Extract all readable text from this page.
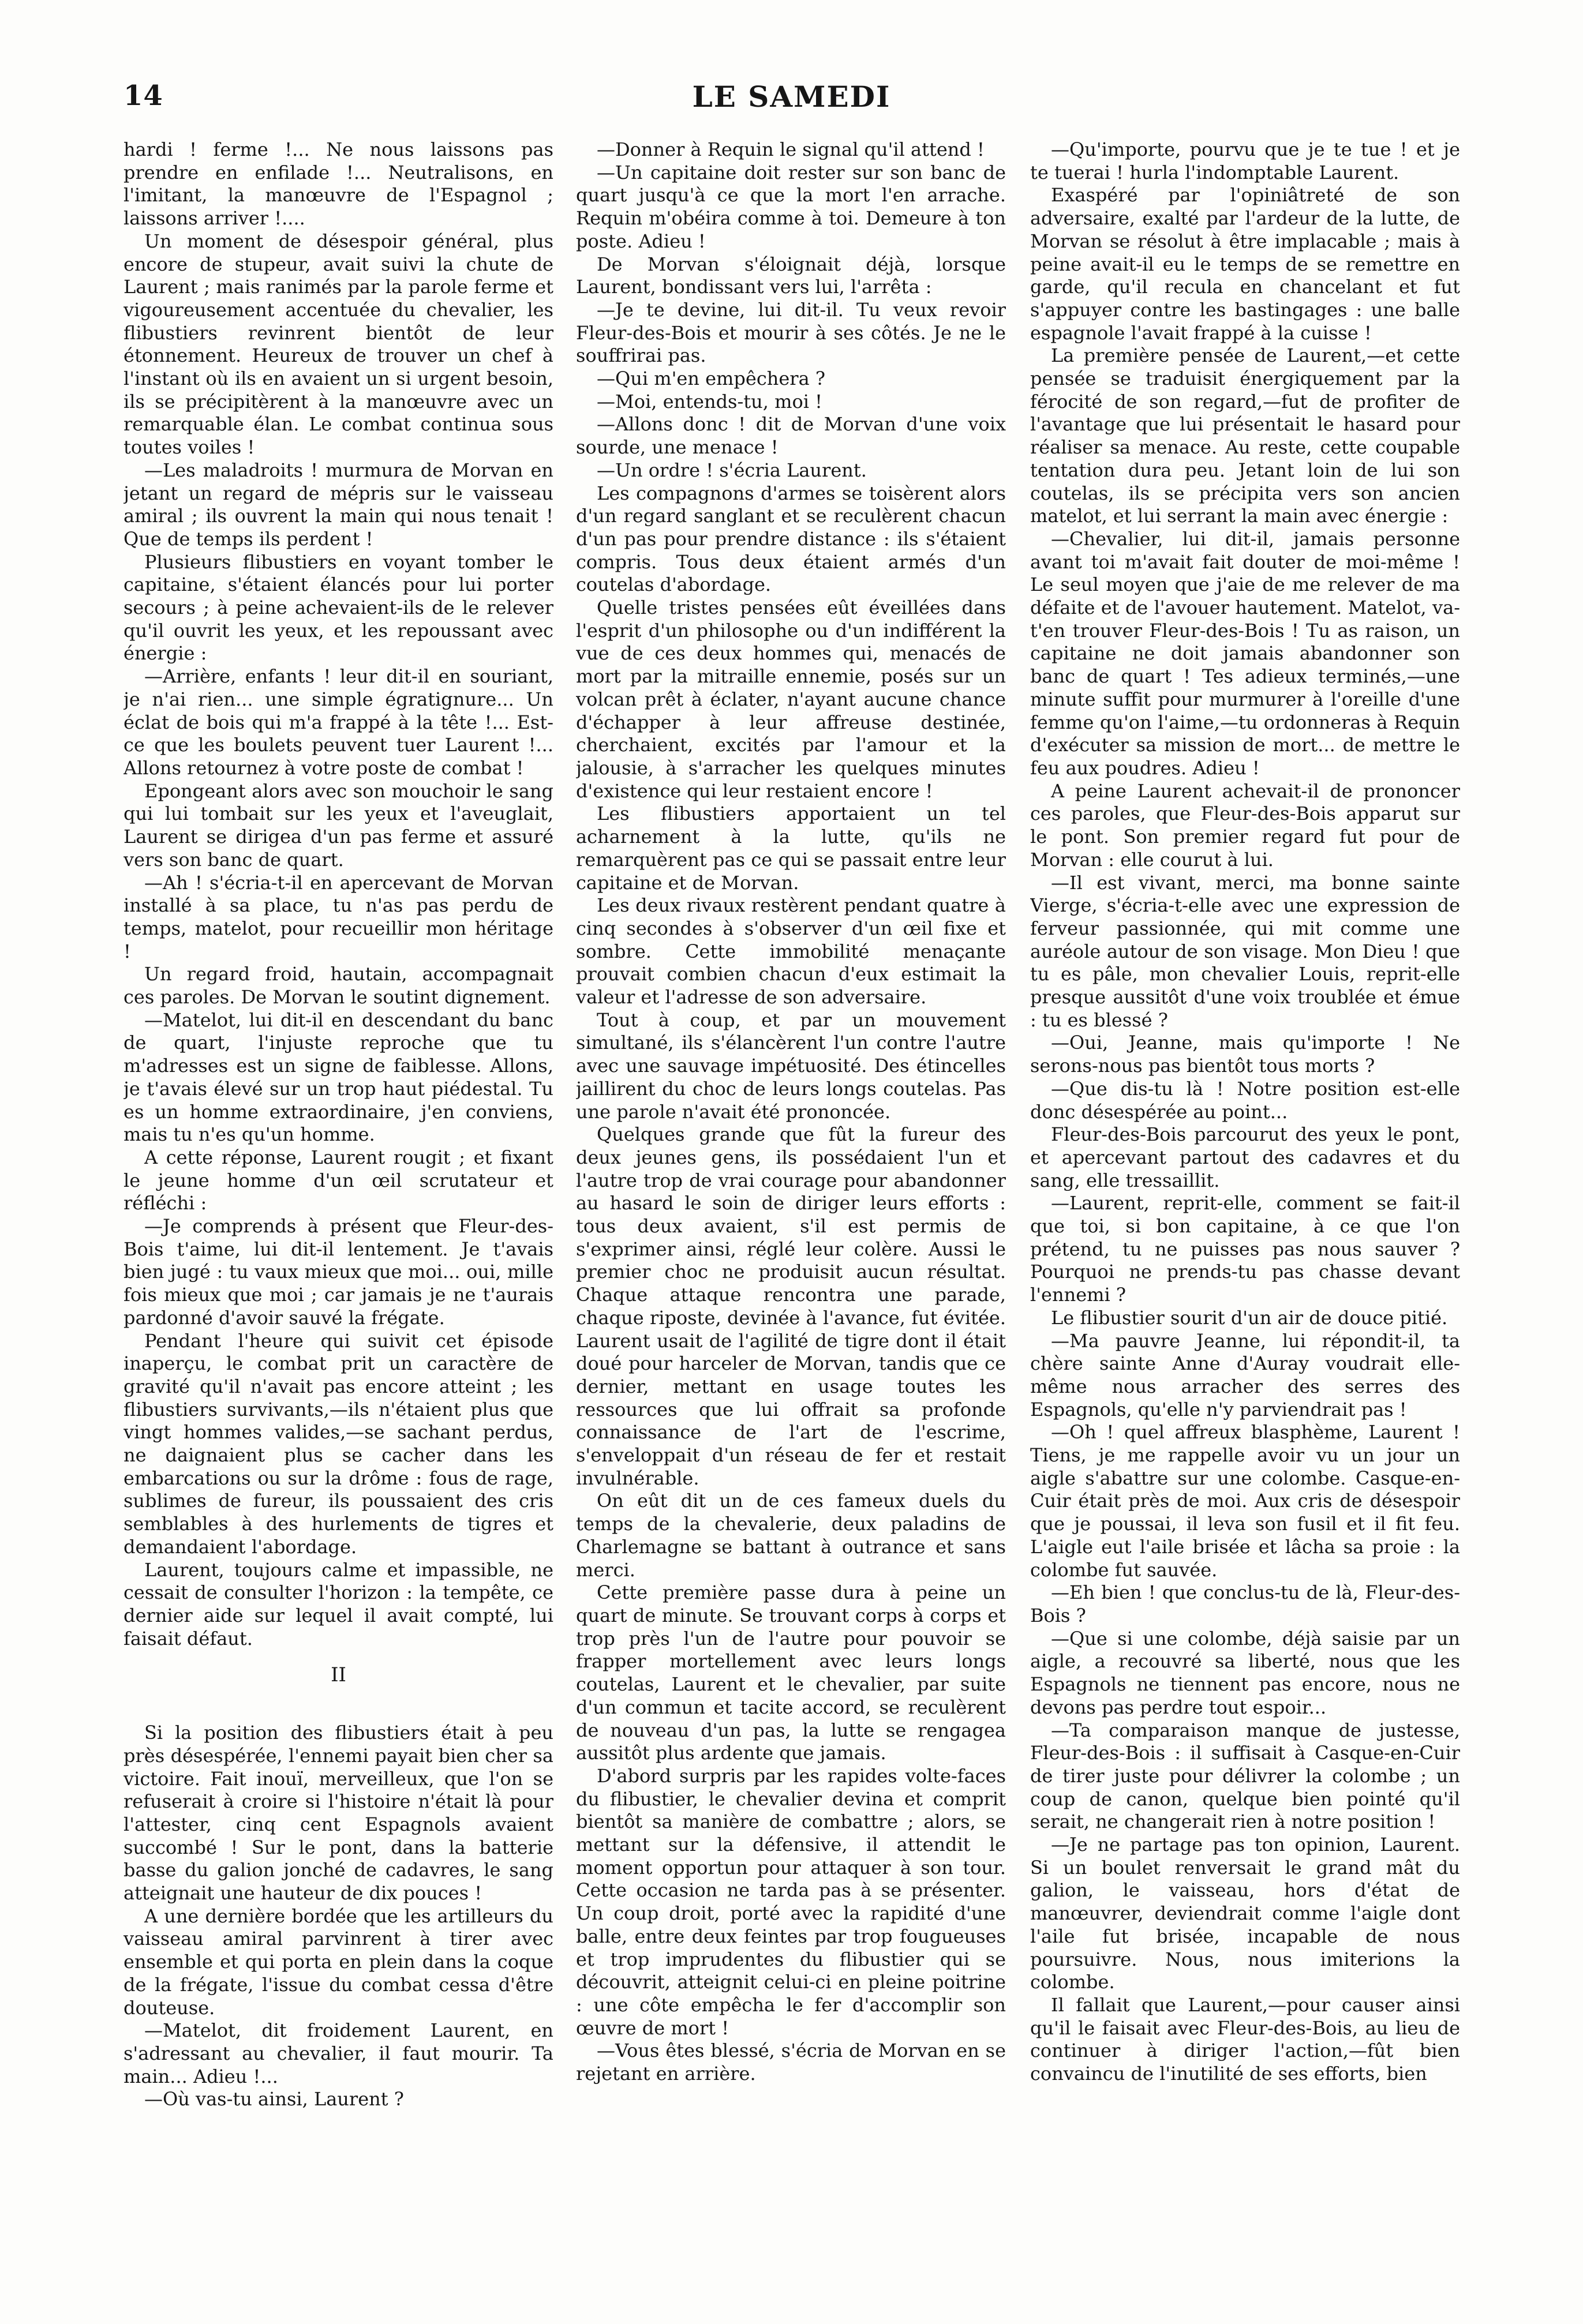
14	LE SAMEDI

hardi ! ferme !... Ne nous laissons pas prendre en enfilade !... Neutralisons, en l'imitant, la manœuvre de l'Espagnol ; laissons arriver !....

Un moment de désespoir général, plus encore de stupeur, avait suivi la chute de Laurent ; mais ranimés par la parole ferme et vigoureusement accentuée du chevalier, les flibustiers revinrent bientôt de leur étonnement. Heureux de trouver un chef à l'instant où ils en avaient un si urgent besoin, ils se précipitèrent à la manœuvre avec un remarquable élan. Le combat continua sous toutes voiles !

—Les maladroits ! murmura de Morvan en jetant un regard de mépris sur le vaisseau amiral ; ils ouvrent la main qui nous tenait ! Que de temps ils perdent !

Plusieurs flibustiers en voyant tomber le capitaine, s'étaient élancés pour lui porter secours ; à peine achevaient-ils de le relever qu'il ouvrit les yeux, et les repoussant avec énergie :

—Arrière, enfants ! leur dit-il en souriant, je n'ai rien... une simple égratignure... Un éclat de bois qui m'a frappé à la tête !... Est-ce que les boulets peuvent tuer Laurent !... Allons retournez à votre poste de combat !

Epongeant alors avec son mouchoir le sang qui lui tombait sur les yeux et l'aveuglait, Laurent se dirigea d'un pas ferme et assuré vers son banc de quart.

—Ah ! s'écria-t-il en apercevant de Morvan installé à sa place, tu n'as pas perdu de temps, matelot, pour recueillir mon héritage !

Un regard froid, hautain, accompagnait ces paroles. De Morvan le soutint dignement.

—Matelot, lui dit-il en descendant du banc de quart, l'injuste reproche que tu m'adresses est un signe de faiblesse. Allons, je t'avais élevé sur un trop haut piédestal. Tu es un homme extraordinaire, j'en conviens, mais tu n'es qu'un homme.

A cette réponse, Laurent rougit ; et fixant le jeune homme d'un œil scrutateur et réfléchi :

—Je comprends à présent que Fleur-des-Bois t'aime, lui dit-il lentement. Je t'avais bien jugé : tu vaux mieux que moi... oui, mille fois mieux que moi ; car jamais je ne t'aurais pardonné d'avoir sauvé la frégate.

Pendant l'heure qui suivit cet épisode inaperçu, le combat prit un caractère de gravité qu'il n'avait pas encore atteint ; les flibustiers survivants,—ils n'étaient plus que vingt hommes valides,—se sachant perdus, ne daignaient plus se cacher dans les embarcations ou sur la drôme : fous de rage, sublimes de fureur, ils poussaient des cris semblables à des hurlements de tigres et demandaient l'abordage.

Laurent, toujours calme et impassible, ne cessait de consulter l'horizon : la tempête, ce dernier aide sur lequel il avait compté, lui faisait défaut.

II

Si la position des flibustiers était à peu près désespérée, l'ennemi payait bien cher sa victoire. Fait inouï, merveilleux, que l'on se refuserait à croire si l'histoire n'était là pour l'attester, cinq cent Espagnols avaient succombé ! Sur le pont, dans la batterie basse du galion jonché de cadavres, le sang atteignait une hauteur de dix pouces !

A une dernière bordée que les artilleurs du vaisseau amiral parvinrent à tirer avec ensemble et qui porta en plein dans la coque de la frégate, l'issue du combat cessa d'être douteuse.

—Matelot, dit froidement Laurent, en s'adressant au chevalier, il faut mourir. Ta main... Adieu !...

—Où vas-tu ainsi, Laurent ?

—Donner à Requin le signal qu'il attend !

—Un capitaine doit rester sur son banc de quart jusqu'à ce que la mort l'en arrache. Requin m'obéira comme à toi. Demeure à ton poste. Adieu !

De Morvan s'éloignait déjà, lorsque Laurent, bondissant vers lui, l'arrêta :

—Je te devine, lui dit-il. Tu veux revoir Fleur-des-Bois et mourir à ses côtés. Je ne le souffrirai pas.

—Qui m'en empêchera ?

—Moi, entends-tu, moi !

—Allons donc ! dit de Morvan d'une voix sourde, une menace !

—Un ordre ! s'écria Laurent.

Les compagnons d'armes se toisèrent alors d'un regard sanglant et se reculèrent chacun d'un pas pour prendre distance : ils s'étaient compris. Tous deux étaient armés d'un coutelas d'abordage.

Quelle tristes pensées eût éveillées dans l'esprit d'un philosophe ou d'un indifférent la vue de ces deux hommes qui, menacés de mort par la mitraille ennemie, posés sur un volcan prêt à éclater, n'ayant aucune chance d'échapper à leur affreuse destinée, cherchaient, excités par l'amour et la jalousie, à s'arracher les quelques minutes d'existence qui leur restaient encore !

Les flibustiers apportaient un tel acharnement à la lutte, qu'ils ne remarquèrent pas ce qui se passait entre leur capitaine et de Morvan.

Les deux rivaux restèrent pendant quatre à cinq secondes à s'observer d'un œil fixe et sombre. Cette immobilité menaçante prouvait combien chacun d'eux estimait la valeur et l'adresse de son adversaire.

Tout à coup, et par un mouvement simultané, ils s'élancèrent l'un contre l'autre avec une sauvage impétuosité. Des étincelles jaillirent du choc de leurs longs coutelas. Pas une parole n'avait été prononcée.

Quelques grande que fût la fureur des deux jeunes gens, ils possédaient l'un et l'autre trop de vrai courage pour abandonner au hasard le soin de diriger leurs efforts : tous deux avaient, s'il est permis de s'exprimer ainsi, réglé leur colère. Aussi le premier choc ne produisit aucun résultat. Chaque attaque rencontra une parade, chaque riposte, devinée à l'avance, fut évitée. Laurent usait de l'agilité de tigre dont il était doué pour harceler de Morvan, tandis que ce dernier, mettant en usage toutes les ressources que lui offrait sa profonde connaissance de l'art de l'escrime, s'enveloppait d'un réseau de fer et restait invulnérable.

On eût dit un de ces fameux duels du temps de la chevalerie, deux paladins de Charlemagne se battant à outrance et sans merci.

Cette première passe dura à peine un quart de minute. Se trouvant corps à corps et trop près l'un de l'autre pour pouvoir se frapper mortellement avec leurs longs coutelas, Laurent et le chevalier, par suite d'un commun et tacite accord, se reculèrent de nouveau d'un pas, la lutte se rengagea aussitôt plus ardente que jamais.

D'abord surpris par les rapides volte-faces du flibustier, le chevalier devina et comprit bientôt sa manière de combattre ; alors, se mettant sur la défensive, il attendit le moment opportun pour attaquer à son tour. Cette occasion ne tarda pas à se présenter. Un coup droit, porté avec la rapidité d'une balle, entre deux feintes par trop fougueuses et trop imprudentes du flibustier qui se découvrit, atteignit celui-ci en pleine poitrine : une côte empêcha le fer d'accomplir son œuvre de mort !

—Vous êtes blessé, s'écria de Morvan en se rejetant en arrière.

—Qu'importe, pourvu que je te tue ! et je te tuerai ! hurla l'indomptable Laurent.

Exaspéré par l'opiniâtreté de son adversaire, exalté par l'ardeur de la lutte, de Morvan se résolut à être implacable ; mais à peine avait-il eu le temps de se remettre en garde, qu'il recula en chancelant et fut s'appuyer contre les bastingages : une balle espagnole l'avait frappé à la cuisse !

La première pensée de Laurent,—et cette pensée se traduisit énergiquement par la férocité de son regard,—fut de profiter de l'avantage que lui présentait le hasard pour réaliser sa menace. Au reste, cette coupable tentation dura peu. Jetant loin de lui son coutelas, ils se précipita vers son ancien matelot, et lui serrant la main avec énergie :

—Chevalier, lui dit-il, jamais personne avant toi m'avait fait douter de moi-même ! Le seul moyen que j'aie de me relever de ma défaite et de l'avouer hautement. Matelot, va-t'en trouver Fleur-des-Bois ! Tu as raison, un capitaine ne doit jamais abandonner son banc de quart ! Tes adieux terminés,—une minute suffit pour murmurer à l'oreille d'une femme qu'on l'aime,—tu ordonneras à Requin d'exécuter sa mission de mort... de mettre le feu aux poudres. Adieu !

A peine Laurent achevait-il de prononcer ces paroles, que Fleur-des-Bois apparut sur le pont. Son premier regard fut pour de Morvan : elle courut à lui.

—Il est vivant, merci, ma bonne sainte Vierge, s'écria-t-elle avec une expression de ferveur passionnée, qui mit comme une auréole autour de son visage. Mon Dieu ! que tu es pâle, mon chevalier Louis, reprit-elle presque aussitôt d'une voix troublée et émue : tu es blessé ?

—Oui, Jeanne, mais qu'importe ! Ne serons-nous pas bientôt tous morts ?

—Que dis-tu là ! Notre position est-elle donc désespérée au point...

Fleur-des-Bois parcourut des yeux le pont, et apercevant partout des cadavres et du sang, elle tressaillit.

—Laurent, reprit-elle, comment se fait-il que toi, si bon capitaine, à ce que l'on prétend, tu ne puisses pas nous sauver ? Pourquoi ne prends-tu pas chasse devant l'ennemi ?

Le flibustier sourit d'un air de douce pitié.

—Ma pauvre Jeanne, lui répondit-il, ta chère sainte Anne d'Auray voudrait elle-même nous arracher des serres des Espagnols, qu'elle n'y parviendrait pas !

—Oh ! quel affreux blasphème, Laurent ! Tiens, je me rappelle avoir vu un jour un aigle s'abattre sur une colombe. Casque-en-Cuir était près de moi. Aux cris de désespoir que je poussai, il leva son fusil et il fit feu. L'aigle eut l'aile brisée et lâcha sa proie : la colombe fut sauvée.

—Eh bien ! que conclus-tu de là, Fleur-des-Bois ?

—Que si une colombe, déjà saisie par un aigle, a recouvré sa liberté, nous que les Espagnols ne tiennent pas encore, nous ne devons pas perdre tout espoir...

—Ta comparaison manque de justesse, Fleur-des-Bois : il suffisait à Casque-en-Cuir de tirer juste pour délivrer la colombe ; un coup de canon, quelque bien pointé qu'il serait, ne changerait rien à notre position !

—Je ne partage pas ton opinion, Laurent. Si un boulet renversait le grand mât du galion, le vaisseau, hors d'état de manœuvrer, deviendrait comme l'aigle dont l'aile fut brisée, incapable de nous poursuivre. Nous, nous imiterions la colombe.

Il fallait que Laurent,—pour causer ainsi qu'il le faisait avec Fleur-des-Bois, au lieu de continuer à diriger l'action,—fût bien convaincu de l'inutilité de ses efforts, bien
